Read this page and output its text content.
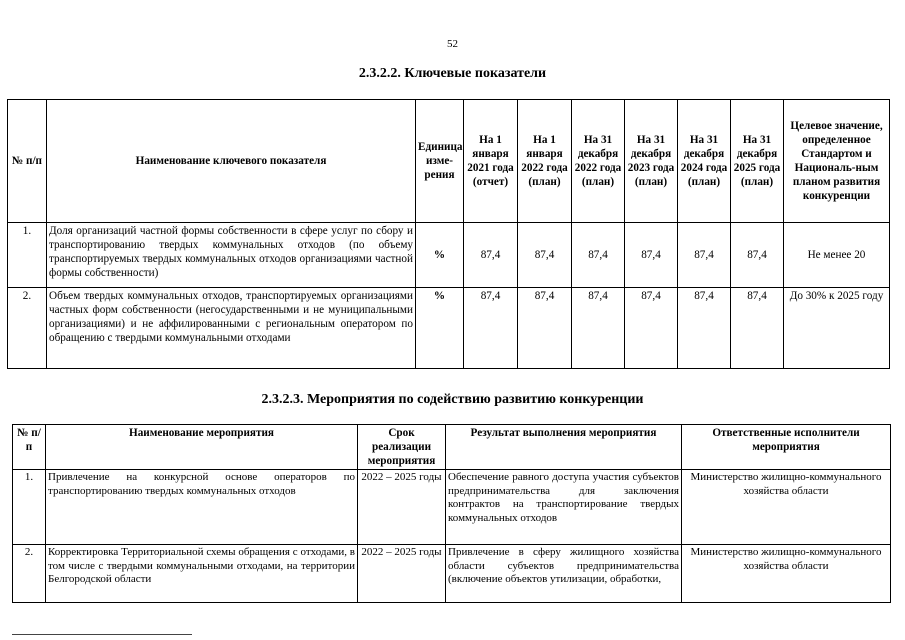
52
2.3.2.2. Ключевые показатели
№ п/п	Наименование ключевого показателя	Единица изме-рения	На 1 января 2021 года (отчет)	На 1 января 2022 года (план)	На 31 декабря 2022 года (план)	На 31 декабря 2023 года (план)	На 31 декабря 2024 года (план)	На 31 декабря 2025 года (план)	Целевое значение, определенное Стандартом и Националь-ным планом развития конкуренции
1.	Доля организаций частной формы собственности в сфере услуг по сбору и транспортированию твердых коммунальных отходов (по объему транспортируемых твердых коммунальных отходов организациями частной формы собственности)	%	87,4	87,4	87,4	87,4	87,4	87,4	Не менее 20
2.	Объем твердых коммунальных отходов, транспортируемых организациями частных форм собственности (негосударственными и не муниципальными организациями) и не аффилированными с региональным оператором по обращению с твердыми коммунальными отходами	%	87,4	87,4	87,4	87,4	87,4	87,4	До 30% к 2025 году
2.3.2.3. Мероприятия по содействию развитию конкуренции
№ п/п	Наименование мероприятия	Срок реализации мероприятия	Результат выполнения мероприятия	Ответственные исполнители мероприятия
1.	Привлечение на конкурсной основе операторов по транспортированию твердых коммунальных отходов	2022 – 2025 годы	Обеспечение равного доступа участия субъектов предпринимательства для заключения контрактов на транспортирование твердых коммунальных отходов	Министерство жилищно-коммунального хозяйства области
2.	Корректировка Территориальной схемы обращения с отходами, в том числе с твердыми коммунальными отходами, на территории Белгородской области	2022 – 2025 годы	Привлечение в сферу жилищного хозяйства области субъектов предпринимательства (включение объектов утилизации, обработки,	Министерство жилищно-коммунального хозяйства области
